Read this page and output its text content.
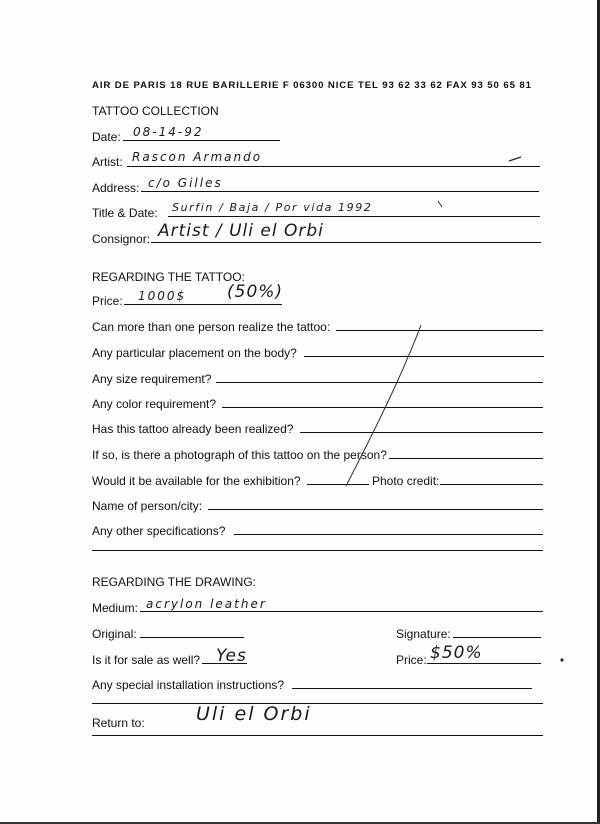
AIR DE PARIS 18 RUE BARILLERIE F 06300 NICE TEL 93 62 33 62 FAX 93 50 65 81
TATTOO COLLECTION
Date: 08-14-92
Artist: Rascon Armando
Address: c/o Gilles
Title & Date: Surfin / Baja / Por vida 1992
Consignor: Artist / Uli el Orbi
REGARDING THE TATTOO:
Price: 1000$ (50%)
Can more than one person realize the tattoo:
Any particular placement on the body?
Any size requirement?
Any color requirement?
Has this tattoo already been realized?
If so, is there a photograph of this tattoo on the person?
Would it be available for the exhibition?	Photo credit:
Name of person/city:
Any other specifications?
REGARDING THE DRAWING:
Medium: acrylon leather
Original:	Signature:
Is it for sale as well? Yes	Price: $50%
Any special installation instructions?
Return to:	Uli el Orbi
